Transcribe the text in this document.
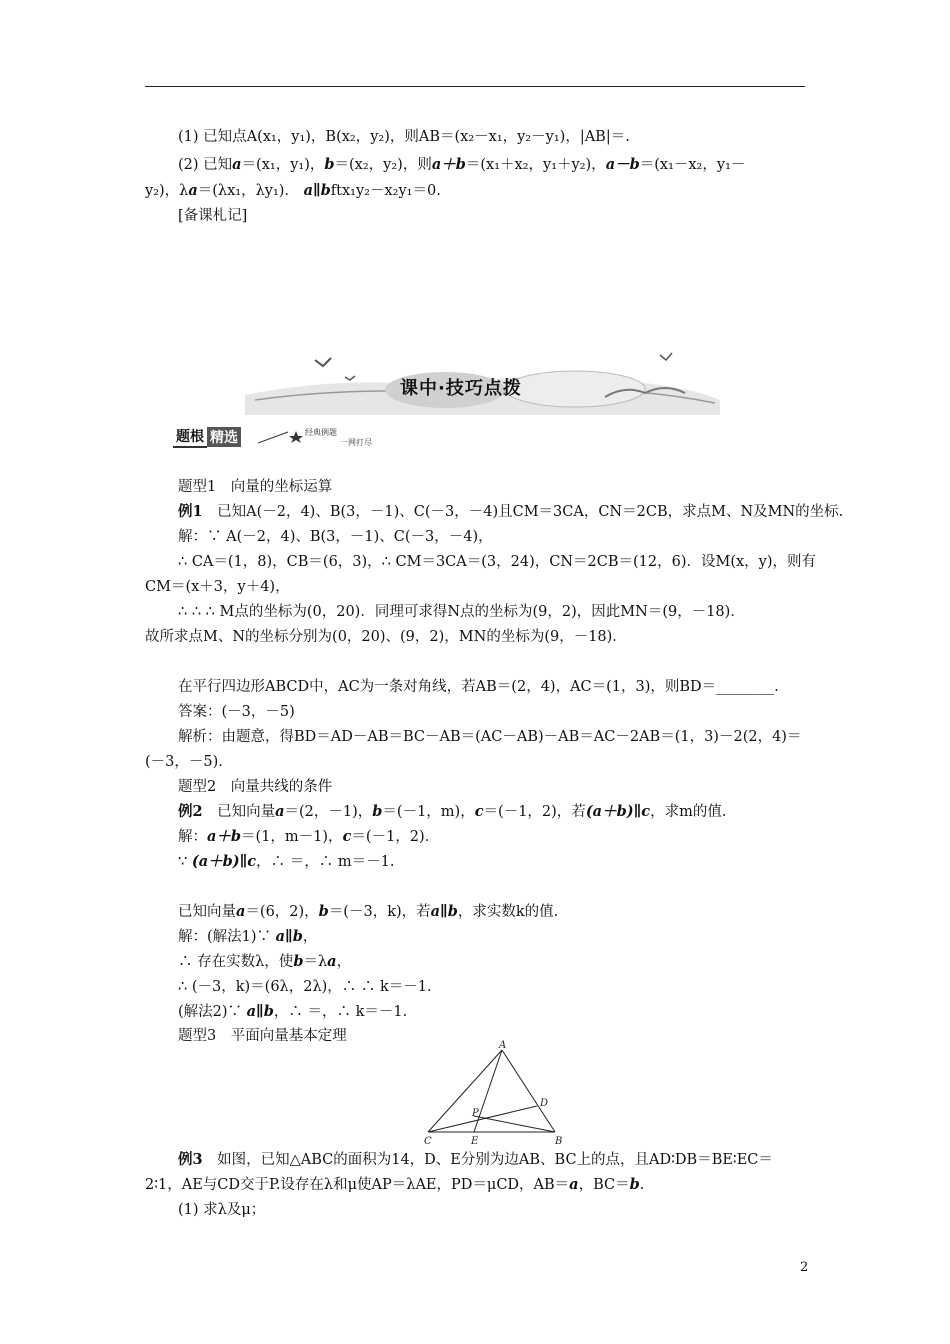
(1) 已知点A(x₁，y₁)，B(x₂，y₂)，则AB＝(x₂－x₁，y₂－y₁)，|AB|＝.
(2) 已知a＝(x₁，y₁)，b＝(x₂，y₂)，则a＋b＝(x₁＋x₂，y₁＋y₂)，a－b＝(x₁－x₂，y₁－
y₂)，λa＝(λx₁，λy₁)． a∥bftx₁y₂－x₂y₁＝0.
[备课札记]
课中·技巧点拨
题根 精选	经典例题
一网打尽
题型1　向量的坐标运算
例1　已知A(－2，4)、B(3，－1)、C(－3，－4)且CM＝3CA，CN＝2CB，求点M、N及MN的坐标.
解：∵ A(－2，4)、B(3，－1)、C(－3，－4)，
∴ CA＝(1，8)，CB＝(6，3)，∴ CM＝3CA＝(3，24)，CN＝2CB＝(12，6)．设M(x，y)，则有
CM＝(x＋3，y＋4)，
∴ ∴ ∴ M点的坐标为(0，20)．同理可求得N点的坐标为(9，2)，因此MN＝(9，－18)．
故所求点M、N的坐标分别为(0，20)、(9，2)，MN的坐标为(9，－18)．
在平行四边形ABCD中，AC为一条对角线，若AB＝(2，4)，AC＝(1，3)，则BD＝________.
答案：(－3，－5)
解析：由题意，得BD＝AD－AB＝BC－AB＝(AC－AB)－AB＝AC－2AB＝(1，3)－2(2，4)＝
(－3，－5)．
题型2　向量共线的条件
例2　已知向量a＝(2，－1)，b＝(－1，m)，c＝(－1，2)，若(a＋b)∥c，求m的值.
解：a＋b＝(1，m－1)，c＝(－1，2)．
∵ (a＋b)∥c，∴ ＝，∴ m＝－1.
已知向量a＝(6，2)，b＝(－3，k)，若a∥b，求实数k的值.
解：(解法1)∵ a∥b，
∴ 存在实数λ，使b＝λa，
∴ (－3，k)＝(6λ，2λ)，∴ ∴ k＝－1.
(解法2)∵ a∥b，∴ ＝，∴ k＝－1.
题型3　平面向量基本定理
A
B
C
D
E
P
例3　如图，已知△ABC的面积为14，D、E分别为边AB、BC上的点，且AD∶DB＝BE∶EC＝
2∶1，AE与CD交于P.设存在λ和μ使AP＝λAE，PD＝μCD，AB＝a，BC＝b.
(1) 求λ及μ；
2
